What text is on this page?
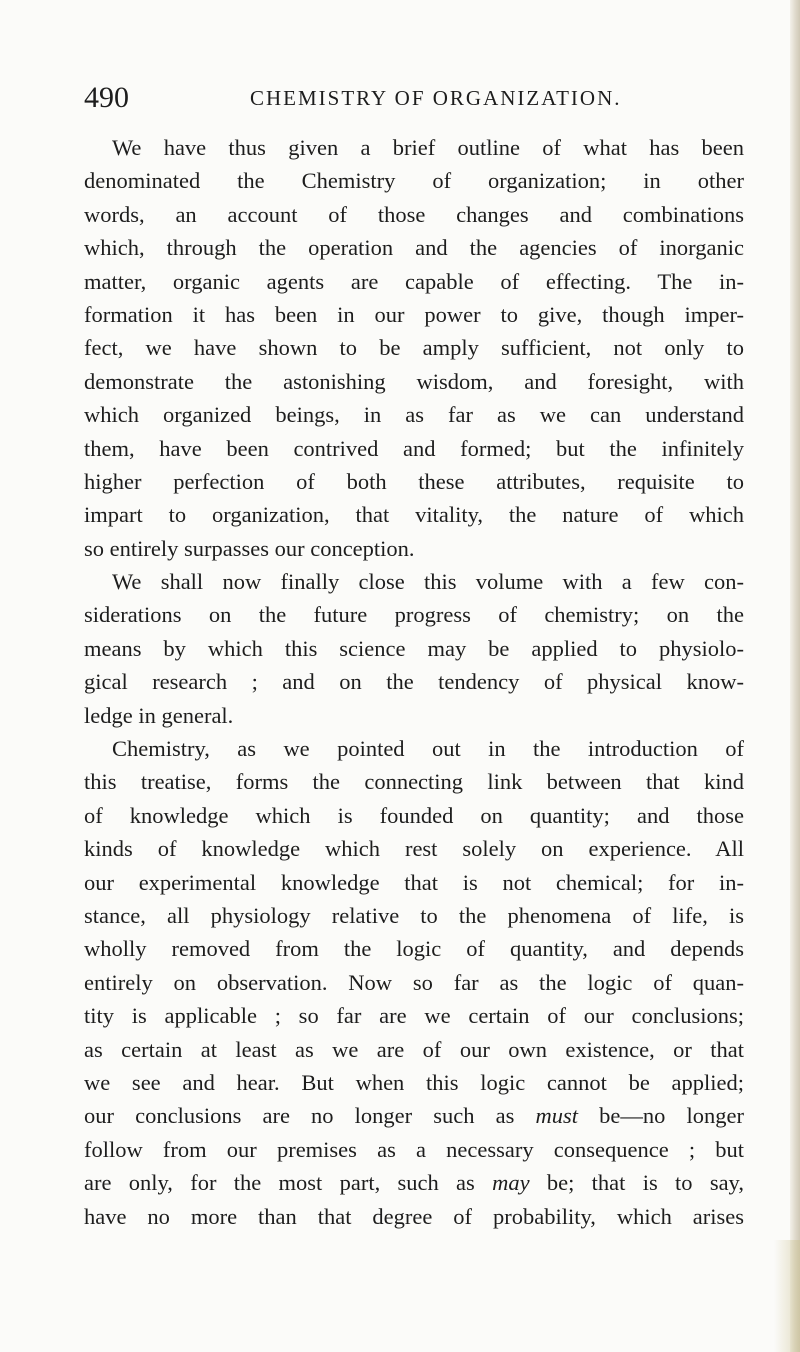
490	CHEMISTRY OF ORGANIZATION.
We have thus given a brief outline of what has been
denominated the Chemistry of organization; in other
words, an account of those changes and combinations
which, through the operation and the agencies of inorganic
matter, organic agents are capable of effecting. The in-
formation it has been in our power to give, though imper-
fect, we have shown to be amply sufficient, not only to
demonstrate the astonishing wisdom, and foresight, with
which organized beings, in as far as we can understand
them, have been contrived and formed; but the infinitely
higher perfection of both these attributes, requisite to
impart to organization, that vitality, the nature of which
so entirely surpasses our conception.
We shall now finally close this volume with a few con-
siderations on the future progress of chemistry; on the
means by which this science may be applied to physiolo-
gical research ; and on the tendency of physical know-
ledge in general.
Chemistry, as we pointed out in the introduction of
this treatise, forms the connecting link between that kind
of knowledge which is founded on quantity; and those
kinds of knowledge which rest solely on experience. All
our experimental knowledge that is not chemical; for in-
stance, all physiology relative to the phenomena of life, is
wholly removed from the logic of quantity, and depends
entirely on observation. Now so far as the logic of quan-
tity is applicable ; so far are we certain of our conclusions;
as certain at least as we are of our own existence, or that
we see and hear. But when this logic cannot be applied;
our conclusions are no longer such as must be—no longer
follow from our premises as a necessary consequence ; but
are only, for the most part, such as may be; that is to say,
have no more than that degree of probability, which arises
